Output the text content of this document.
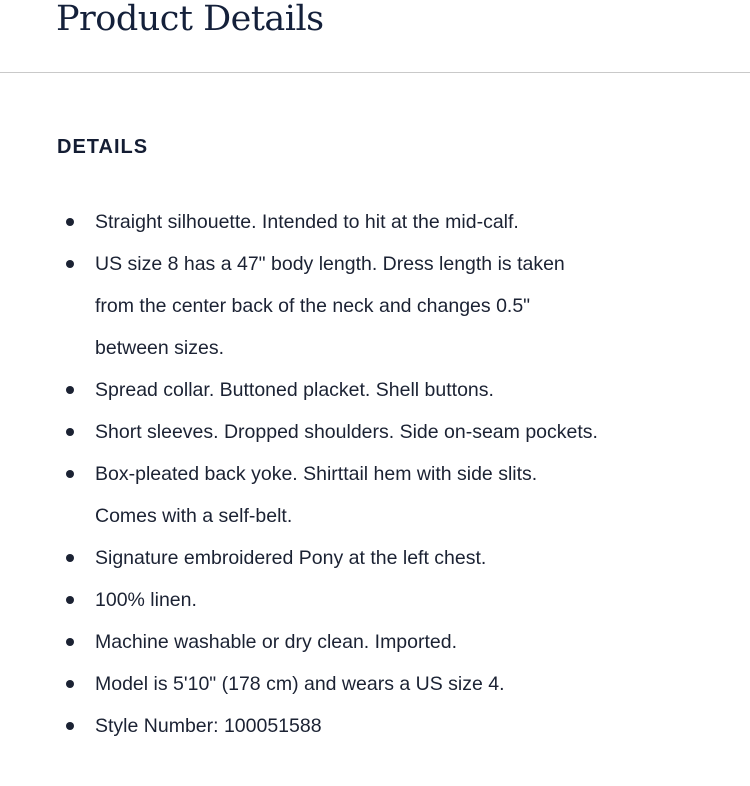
Product Details
DETAILS
Straight silhouette. Intended to hit at the mid-calf.
US size 8 has a 47" body length. Dress length is taken
from the center back of the neck and changes 0.5"
between sizes.
Spread collar. Buttoned placket. Shell buttons.
Short sleeves. Dropped shoulders. Side on-seam pockets.
Box-pleated back yoke. Shirttail hem with side slits.
Comes with a self-belt.
Signature embroidered Pony at the left chest.
100% linen.
Machine washable or dry clean. Imported.
Model is 5'10" (178 cm) and wears a US size 4.
Style Number: 100051588
